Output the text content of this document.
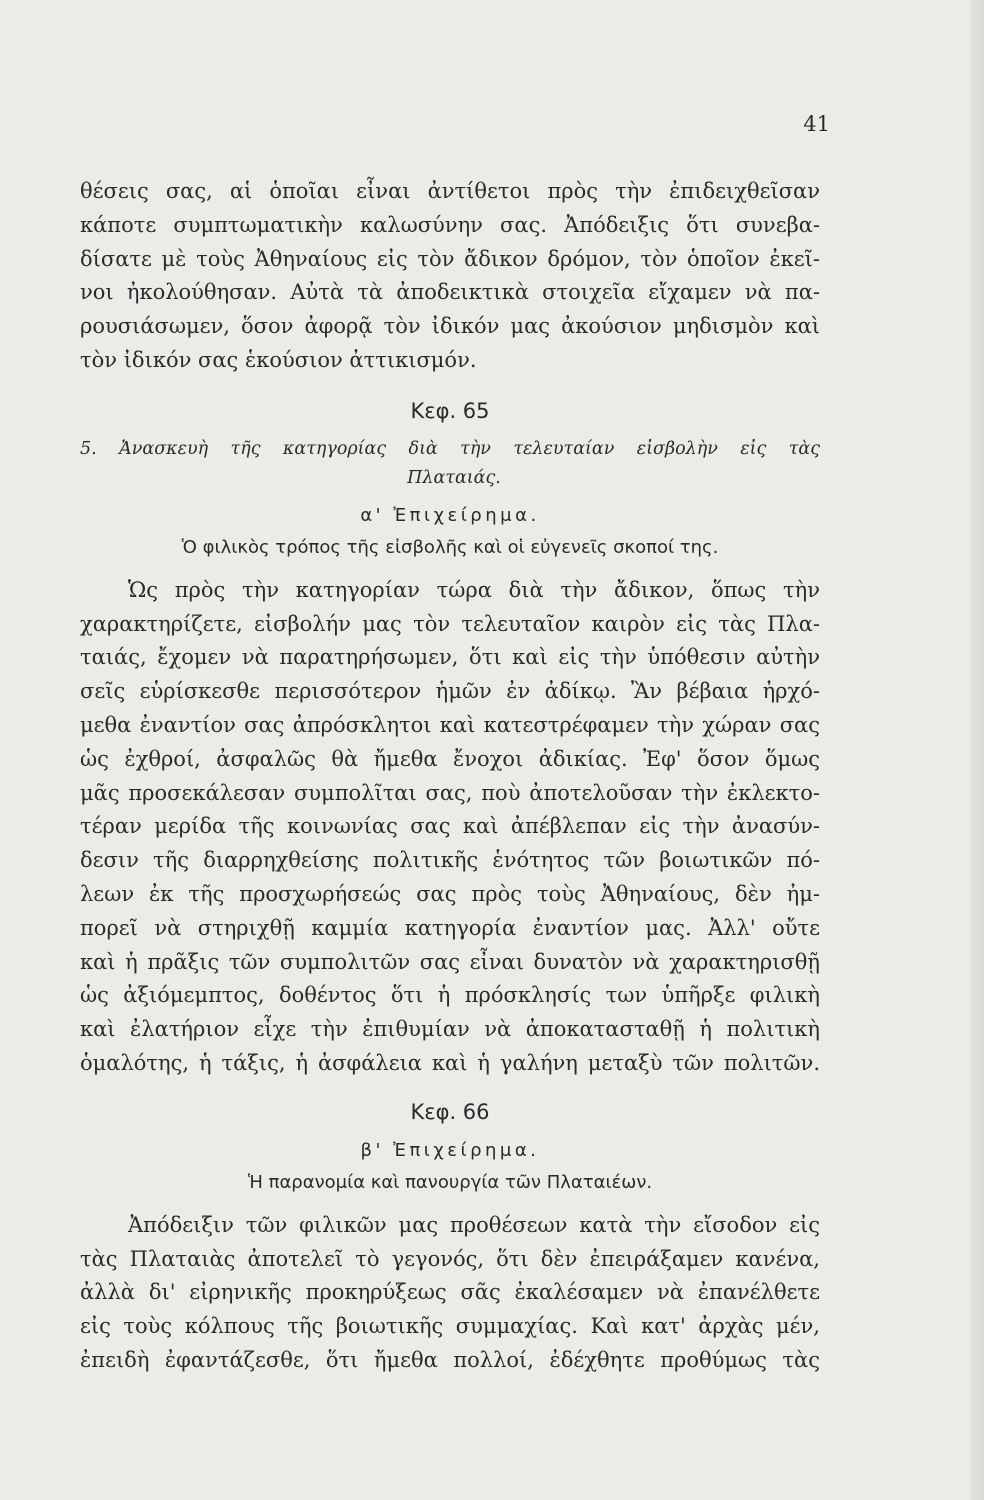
41
θέσεις σας, αἱ ὁποῖαι εἶναι ἀντίθετοι πρὸς τὴν ἐπιδειχθεῖσαν
κάποτε συμπτωματικὴν καλωσύνην σας. Ἀπόδειξις ὅτι συνεβα-
δίσατε μὲ τοὺς Ἀθηναίους εἰς τὸν ἄδικον δρόμον, τὸν ὁποῖον ἐκεῖ-
νοι ἠκολούθησαν. Αὐτὰ τὰ ἀποδεικτικὰ στοιχεῖα εἴχαμεν νὰ πα-
ρουσιάσωμεν, ὅσον ἀφορᾷ τὸν ἰδικόν μας ἀκούσιον μηδισμὸν καὶ
τὸν ἰδικόν σας ἑκούσιον ἀττικισμόν.
Κεφ. 65
5. Ἀνασκευὴ τῆς κατηγορίας διὰ τὴν τελευταίαν εἰσβολὴν εἰς τὰς
Πλαταιάς.
α' Ἐπιχείρημα.
Ὁ φιλικὸς τρόπος τῆς εἰσβολῆς καὶ οἱ εὐγενεῖς σκοποί της.
Ὡς πρὸς τὴν κατηγορίαν τώρα διὰ τὴν ἄδικον, ὅπως τὴν
χαρακτηρίζετε, εἰσβολήν μας τὸν τελευταῖον καιρὸν εἰς τὰς Πλα-
ταιάς, ἔχομεν νὰ παρατηρήσωμεν, ὅτι καὶ εἰς τὴν ὑπόθεσιν αὐτὴν
σεῖς εὑρίσκεσθε περισσότερον ἡμῶν ἐν ἀδίκῳ. Ἂν βέβαια ἠρχό-
μεθα ἐναντίον σας ἀπρόσκλητοι καὶ κατεστρέφαμεν τὴν χώραν σας
ὡς ἐχθροί, ἀσφαλῶς θὰ ἤμεθα ἔνοχοι ἀδικίας. Ἐφ' ὅσον ὅμως
μᾶς προσεκάλεσαν συμπολῖται σας, ποὺ ἀποτελοῦσαν τὴν ἐκλεκτο-
τέραν μερίδα τῆς κοινωνίας σας καὶ ἀπέβλεπαν εἰς τὴν ἀνασύν-
δεσιν τῆς διαρρηχθείσης πολιτικῆς ἑνότητος τῶν βοιωτικῶν πό-
λεων ἐκ τῆς προσχωρήσεώς σας πρὸς τοὺς Ἀθηναίους, δὲν ἠμ-
πορεῖ νὰ στηριχθῇ καμμία κατηγορία ἐναντίον μας. Ἀλλ' οὔτε
καὶ ἡ πρᾶξις τῶν συμπολιτῶν σας εἶναι δυνατὸν νὰ χαρακτηρισθῇ
ὡς ἀξιόμεμπτος, δοθέντος ὅτι ἡ πρόσκλησίς των ὑπῆρξε φιλικὴ
καὶ ἐλατήριον εἶχε τὴν ἐπιθυμίαν νὰ ἀποκατασταθῇ ἡ πολιτικὴ
ὁμαλότης, ἡ τάξις, ἡ ἀσφάλεια καὶ ἡ γαλήνη μεταξὺ τῶν πολιτῶν.
Κεφ. 66
β' Ἐπιχείρημα.
Ἡ παρανομία καὶ πανουργία τῶν Πλαταιέων.
Ἀπόδειξιν τῶν φιλικῶν μας προθέσεων κατὰ τὴν εἴσοδον εἰς
τὰς Πλαταιὰς ἀποτελεῖ τὸ γεγονός, ὅτι δὲν ἐπειράξαμεν κανένα,
ἀλλὰ δι' εἰρηνικῆς προκηρύξεως σᾶς ἐκαλέσαμεν νὰ ἐπανέλθετε
εἰς τοὺς κόλπους τῆς βοιωτικῆς συμμαχίας. Καὶ κατ' ἀρχὰς μέν,
ἐπειδὴ ἐφαντάζεσθε, ὅτι ἤμεθα πολλοί, ἐδέχθητε προθύμως τὰς
